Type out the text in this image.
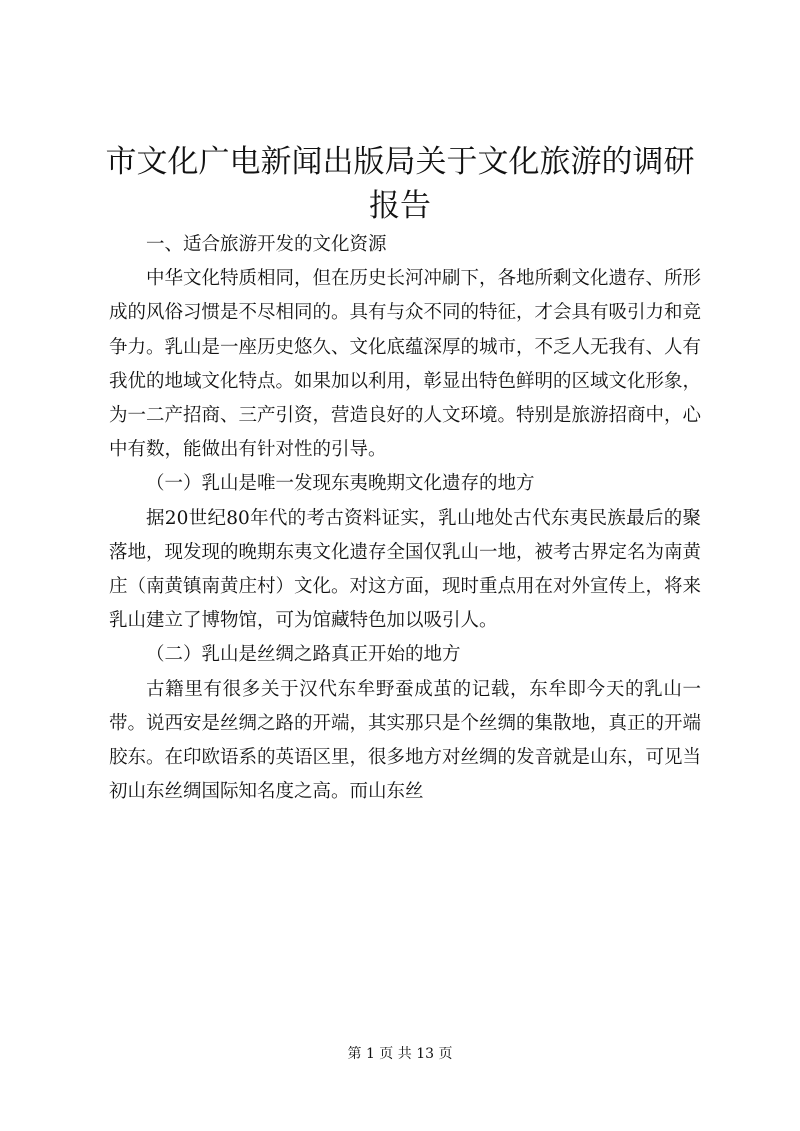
市文化广电新闻出版局关于文化旅游的调研报告

一、适合旅游开发的文化资源

中华文化特质相同，但在历史长河冲刷下，各地所剩文化遗存、所形成的风俗习惯是不尽相同的。具有与众不同的特征，才会具有吸引力和竞争力。乳山是一座历史悠久、文化底蕴深厚的城市，不乏人无我有、人有我优的地域文化特点。如果加以利用，彰显出特色鲜明的区域文化形象，为一二产招商、三产引资，营造良好的人文环境。特别是旅游招商中，心中有数，能做出有针对性的引导。

（一）乳山是唯一发现东夷晚期文化遗存的地方

据20世纪80年代的考古资料证实，乳山地处古代东夷民族最后的聚落地，现发现的晚期东夷文化遗存全国仅乳山一地，被考古界定名为南黄庄（南黄镇南黄庄村）文化。对这方面，现时重点用在对外宣传上，将来乳山建立了博物馆，可为馆藏特色加以吸引人。

（二）乳山是丝绸之路真正开始的地方

古籍里有很多关于汉代东牟野蚕成茧的记载，东牟即今天的乳山一带。说西安是丝绸之路的开端，其实那只是个丝绸的集散地，真正的开端胶东。在印欧语系的英语区里，很多地方对丝绸的发音就是山东，可见当初山东丝绸国际知名度之高。而山东丝

第 1 页 共 13 页
